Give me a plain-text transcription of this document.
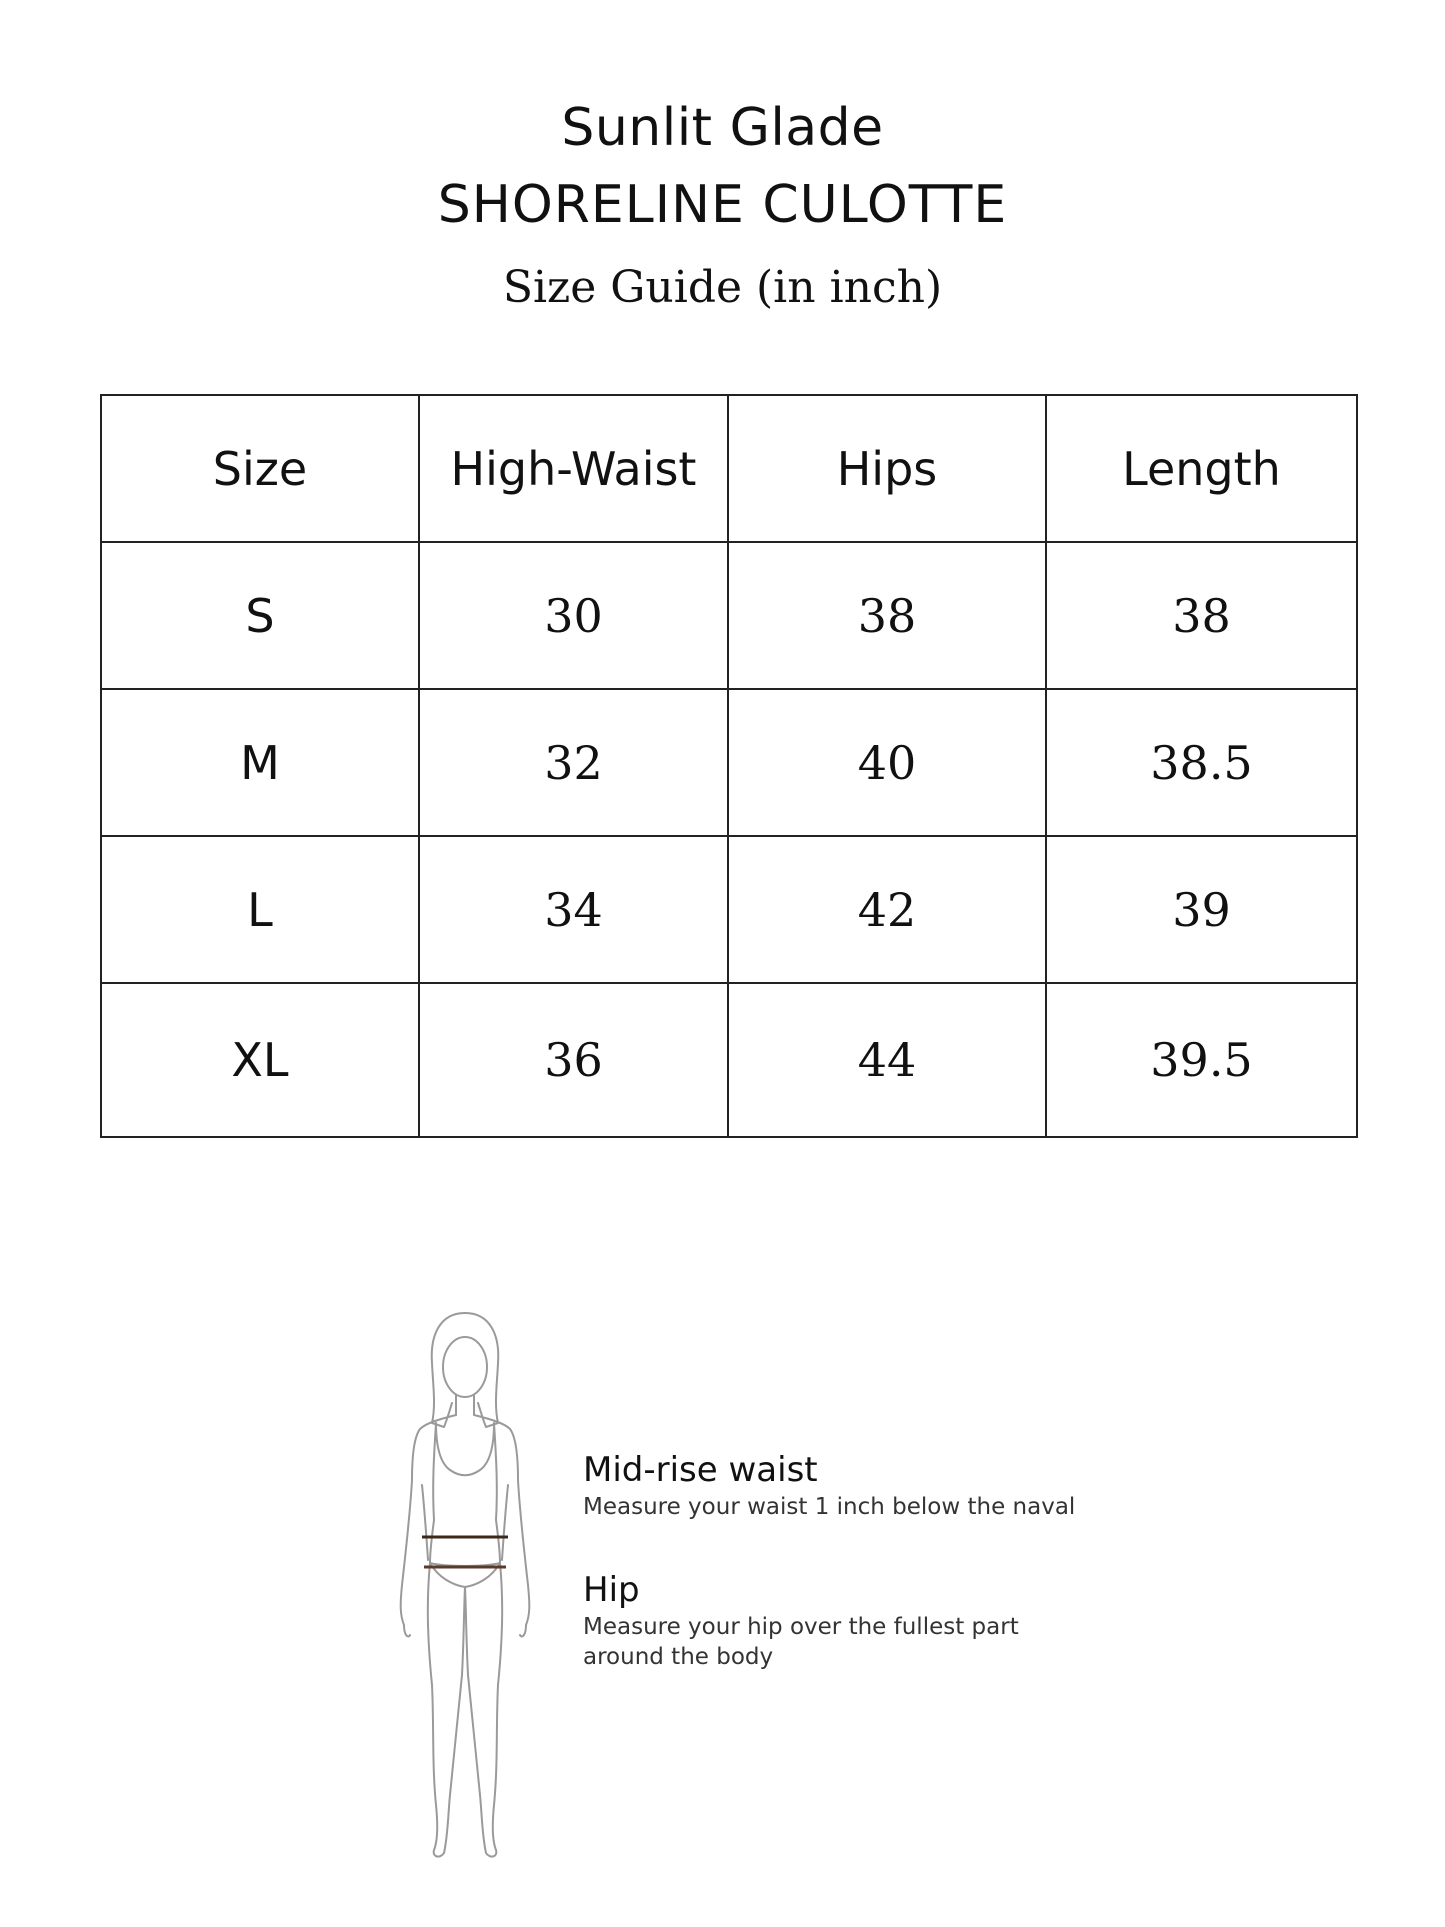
Sunlit Glade
SHORELINE CULOTTE
Size Guide (in inch)
Size	High-Waist	Hips	Length
S	30	38	38
M	32	40	38.5
L	34	42	39
XL	36	44	39.5
Mid-rise waist
Measure your waist 1 inch below the naval
Hip
Measure your hip over the fullest part
around the body
